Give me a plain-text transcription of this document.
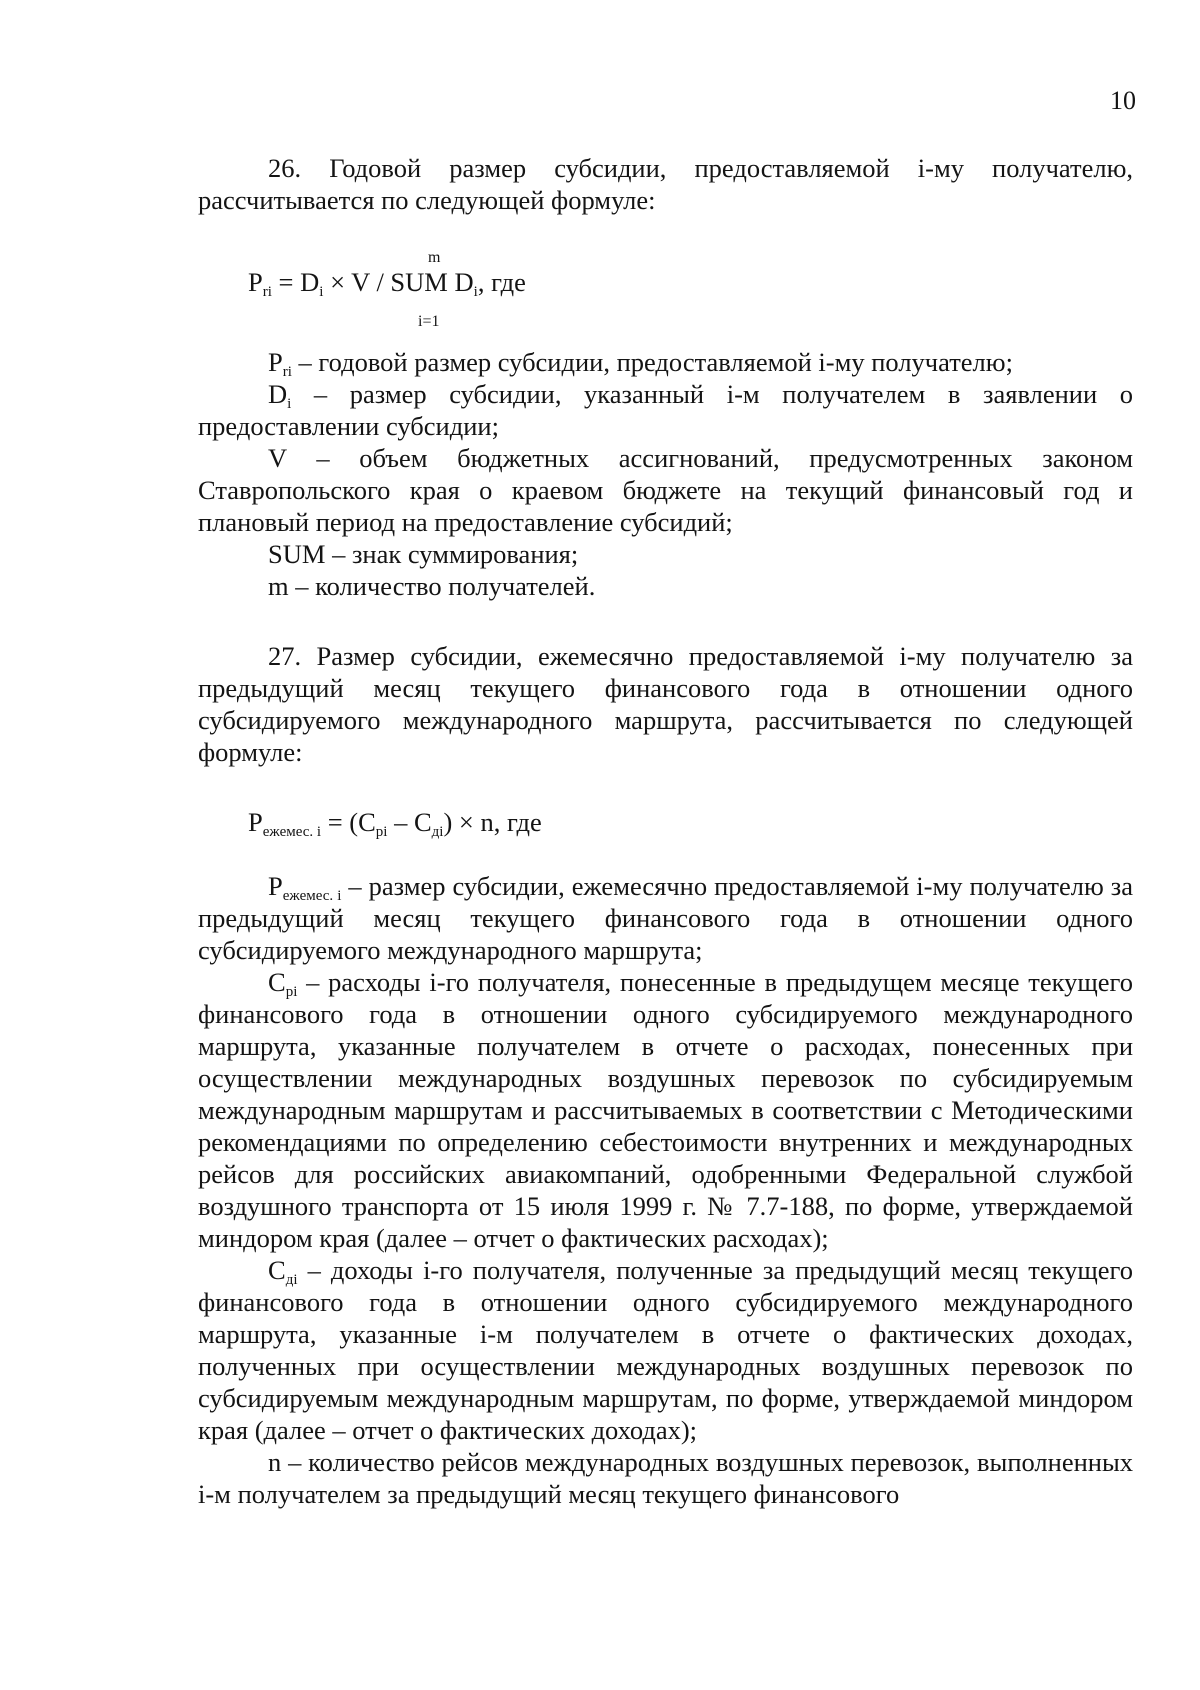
10

26. Годовой размер субсидии, предоставляемой i-му получателю, рассчитывается по следующей формуле:

m
$P_{ri} = D_i \times V$ / SUM $D_i$, где
i=1

$P_{ri}$ – годовой размер субсидии, предоставляемой i-му получателю;

$D_i$ – размер субсидии, указанный i-м получателем в заявлении о предоставлении субсидии;

V – объем бюджетных ассигнований, предусмотренных законом Ставропольского края о краевом бюджете на текущий финансовый год и плановый период на предоставление субсидий;

SUM – знак суммирования;

m – количество получателей.

27. Размер субсидии, ежемесячно предоставляемой i-му получателю за предыдущий месяц текущего финансового года в отношении одного субсидируемого международного маршрута, рассчитывается по следующей формуле:

$P_{ежемес. i} = (C_{pi} - C_{дi}) \times n$, где

$P_{ежемес. i}$ – размер субсидии, ежемесячно предоставляемой i-му получателю за предыдущий месяц текущего финансового года в отношении одного субсидируемого международного маршрута;

$C_{pi}$ – расходы i-го получателя, понесенные в предыдущем месяце текущего финансового года в отношении одного субсидируемого международного маршрута, указанные получателем в отчете о расходах, понесенных при осуществлении международных воздушных перевозок по субсидируемым международным маршрутам и рассчитываемых в соответствии с Методическими рекомендациями по определению себестоимости внутренних и международных рейсов для российских авиакомпаний, одобренными Федеральной службой воздушного транспорта от 15 июля 1999 г. № 7.7-188, по форме, утверждаемой миндором края (далее – отчет о фактических расходах);

$C_{дi}$ – доходы i-го получателя, полученные за предыдущий месяц текущего финансового года в отношении одного субсидируемого международного маршрута, указанные i-м получателем в отчете о фактических доходах, полученных при осуществлении международных воздушных перевозок по субсидируемым международным маршрутам, по форме, утверждаемой миндором края (далее – отчет о фактических доходах);

n – количество рейсов международных воздушных перевозок, выполненных i-м получателем за предыдущий месяц текущего финансового
